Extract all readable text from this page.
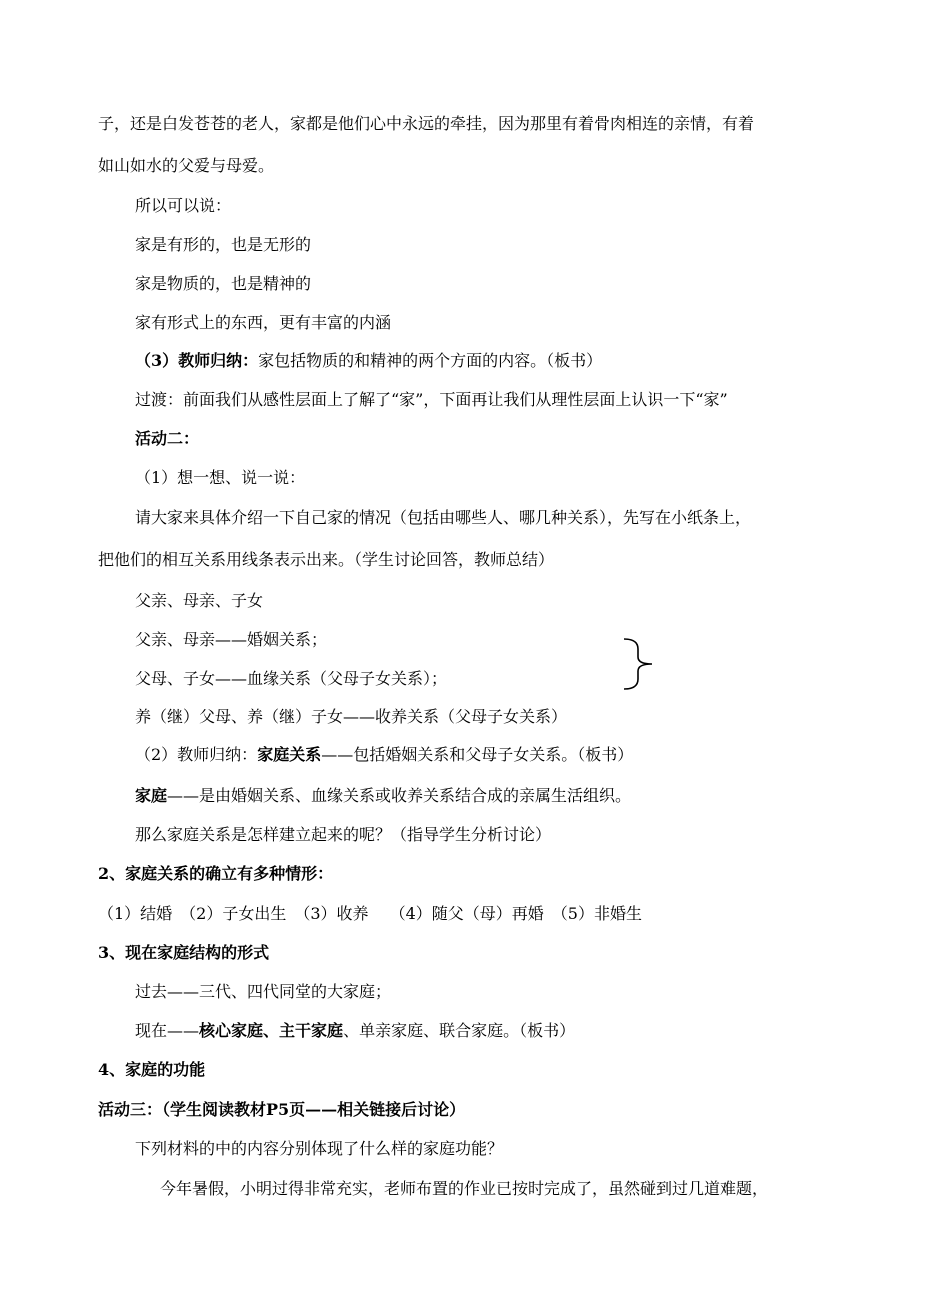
子，还是白发苍苍的老人，家都是他们心中永远的牵挂，因为那里有着骨肉相连的亲情，有着
如山如水的父爱与母爱。
所以可以说：
家是有形的，也是无形的
家是物质的，也是精神的
家有形式上的东西，更有丰富的内涵
（3）教师归纳：家包括物质的和精神的两个方面的内容。（板书）
过渡：前面我们从感性层面上了解了“家”，下面再让我们从理性层面上认识一下“家”
活动二：
（1）想一想、说一说：
请大家来具体介绍一下自己家的情况（包括由哪些人、哪几种关系），先写在小纸条上，
把他们的相互关系用线条表示出来。（学生讨论回答，教师总结）
父亲、母亲、子女
父亲、母亲——婚姻关系；
父母、子女——血缘关系（父母子女关系）；
养（继）父母、养（继）子女——收养关系（父母子女关系）
（2）教师归纳：家庭关系——包括婚姻关系和父母子女关系。（板书）
家庭——是由婚姻关系、血缘关系或收养关系结合成的亲属生活组织。
那么家庭关系是怎样建立起来的呢？（指导学生分析讨论）
2、家庭关系的确立有多种情形：
（1）结婚　（2）子女出生　（3）收养　 （4）随父（母）再婚　（5）非婚生
3、现在家庭结构的形式
过去——三代、四代同堂的大家庭；
现在——核心家庭、主干家庭、单亲家庭、联合家庭。（板书）
4、家庭的功能
活动三：（学生阅读教材P5页——相关链接后讨论）
下列材料的中的内容分别体现了什么样的家庭功能？
今年暑假，小明过得非常充实，老师布置的作业已按时完成了，虽然碰到过几道难题，
